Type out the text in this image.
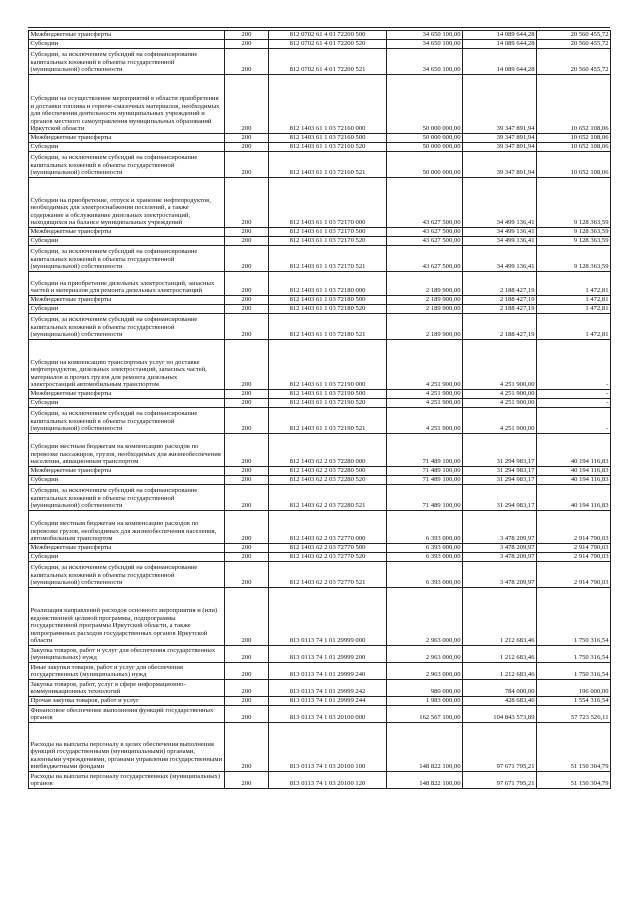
Межбюджетные трансферты	200	812 0702 61 4 01 72200 500	34 650 100,00	14 089 644,28	20 560 455,72
Субсидии	200	812 0702 61 4 01 72200 520	34 650 100,00	14 089 644,28	20 560 455,72
Субсидии, за исключением субсидий на софинансирование капитальных вложений в объекты государственной (муниципальной) собственности	200	812 0702 61 4 01 72200 521	34 650 100,00	14 089 644,28	20 560 455,72
Субсидии на осуществление мероприятий в области приобретения и доставки топлива и горюче-смазочных материалов, необходимых для обеспечения деятельности муниципальных учреждений и органов местного самоуправления муниципальных образований Иркутской области	200	812 1403 61 1 03 72160 000	50 000 000,00	39 347 891,94	10 652 108,06
Межбюджетные трансферты	200	812 1403 61 1 03 72160 500	50 000 000,00	39 347 891,94	10 652 108,06
Субсидии	200	812 1403 61 1 03 72160 520	50 000 000,00	39 347 891,94	10 652 108,06
Субсидии, за исключением субсидий на софинансирование капитальных вложений в объекты государственной (муниципальной) собственности	200	812 1403 61 1 03 72160 521	50 000 000,00	39 347 891,94	10 652 108,06
Субсидии на приобретение, отпуск и хранение нефтепродуктов, необходимых для электроснабжения поселений, а также содержание и обслуживание дизельных электростанций, находящихся на балансе муниципальных учреждений	200	812 1403 61 1 03 72170 000	43 627 500,00	34 499 136,41	9 128 363,59
Межбюджетные трансферты	200	812 1403 61 1 03 72170 500	43 627 500,00	34 499 136,41	9 128 363,59
Субсидии	200	812 1403 61 1 03 72170 520	43 627 500,00	34 499 136,41	9 128 363,59
Субсидии, за исключением субсидий на софинансирование капитальных вложений в объекты государственной (муниципальной) собственности	200	812 1403 61 1 03 72170 521	43 627 500,00	34 499 136,41	9 128 363,59
Субсидии на приобретение дизельных электростанций, запасных частей и материалов для ремонта дизельных электростанций	200	812 1403 61 1 03 72180 000	2 189 900,00	2 188 427,19	1 472,81
Межбюджетные трансферты	200	812 1403 61 1 03 72180 500	2 189 900,00	2 188 427,19	1 472,81
Субсидии	200	812 1403 61 1 03 72180 520	2 189 900,00	2 188 427,19	1 472,81
Субсидии, за исключением субсидий на софинансирование капитальных вложений в объекты государственной (муниципальной) собственности	200	812 1403 61 1 03 72180 521	2 189 900,00	2 188 427,19	1 472,81
Субсидии на компенсацию транспортных услуг по доставке нефтепродуктов, дизельных электростанций, запасных частей, материалов и прочих грузов для ремонта дизельных электростанций автомобильным транспортом	200	812 1403 61 1 03 72190 000	4 251 900,00	4 251 900,00	-
Межбюджетные трансферты	200	812 1403 61 1 03 72190 500	4 251 900,00	4 251 900,00	-
Субсидии	200	812 1403 61 1 03 72190 520	4 251 900,00	4 251 900,00	-
Субсидии, за исключением субсидий на софинансирование капитальных вложений в объекты государственной (муниципальной) собственности	200	812 1403 61 1 03 72190 521	4 251 900,00	4 251 900,00	-
Субсидии местным бюджетам на компенсацию расходов по перевозке пассажиров, грузов, необходимых для жизнеобеспечения населения, авиационным транспортом	200	812 1403 62 2 03 72280 000	71 489 100,00	31 294 983,17	40 194 116,83
Межбюджетные трансферты	200	812 1403 62 2 03 72280 500	71 489 100,00	31 294 983,17	40 194 116,83
Субсидии	200	812 1403 62 2 03 72280 520	71 489 100,00	31 294 983,17	40 194 116,83
Субсидии, за исключением субсидий на софинансирование капитальных вложений в объекты государственной (муниципальной) собственности	200	812 1403 62 2 03 72280 521	71 489 100,00	31 294 983,17	40 194 116,83
Субсидии местным бюджетам на компенсацию расходов по перевозке грузов, необходимых для жизнеобеспечения населения, автомобильным транспортом	200	812 1403 62 2 03 72770 000	6 393 000,00	3 478 209,97	2 914 790,03
Межбюджетные трансферты	200	812 1403 62 2 03 72770 500	6 393 000,00	3 478 209,97	2 914 790,03
Субсидии	200	812 1403 62 2 03 72770 520	6 393 000,00	3 478 209,97	2 914 790,03
Субсидии, за исключением субсидий на софинансирование капитальных вложений в объекты государственной (муниципальной) собственности	200	812 1403 62 2 03 72770 521	6 393 000,00	3 478 209,97	2 914 790,03
Реализация направлений расходов основного мероприятия и (или) ведомственной целевой программы, подпрограммы государственной программы Иркутской области, а также непрограммных расходов государственных органов Иркутской области	200	813 0113 74 1 01 29999 000	2 963 000,00	1 212 683,46	1 750 316,54
Закупка товаров, работ и услуг для обеспечения государственных (муниципальных) нужд	200	813 0113 74 1 01 29999 200	2 963 000,00	1 212 683,46	1 750 316,54
Иные закупки товаров, работ и услуг для обеспечения государственных (муниципальных) нужд	200	813 0113 74 1 01 29999 240	2 963 000,00	1 212 683,46	1 750 316,54
Закупка товаров, работ, услуг в сфере информационно-коммуникационных технологий	200	813 0113 74 1 01 29999 242	980 000,00	784 000,00	196 000,00
Прочая закупка товаров, работ и услуг	200	813 0113 74 1 01 29999 244	1 983 000,00	428 683,46	1 554 316,54
Финансовое обеспечение выполнения функций государственных органов	200	813 0113 74 1 03 20100 000	162 567 100,00	104 843 573,89	57 723 526,11
Расходы на выплаты персоналу в целях обеспечения выполнения функций государственными (муниципальными) органами, казенными учреждениями, органами управления государственными внебюджетными фондами	200	813 0113 74 1 03 20100 100	148 822 100,00	97 671 795,21	51 150 304,79
Расходы на выплаты персоналу государственных (муниципальных) органов	200	813 0113 74 1 03 20100 120	148 822 100,00	97 671 795,21	51 150 304,79
